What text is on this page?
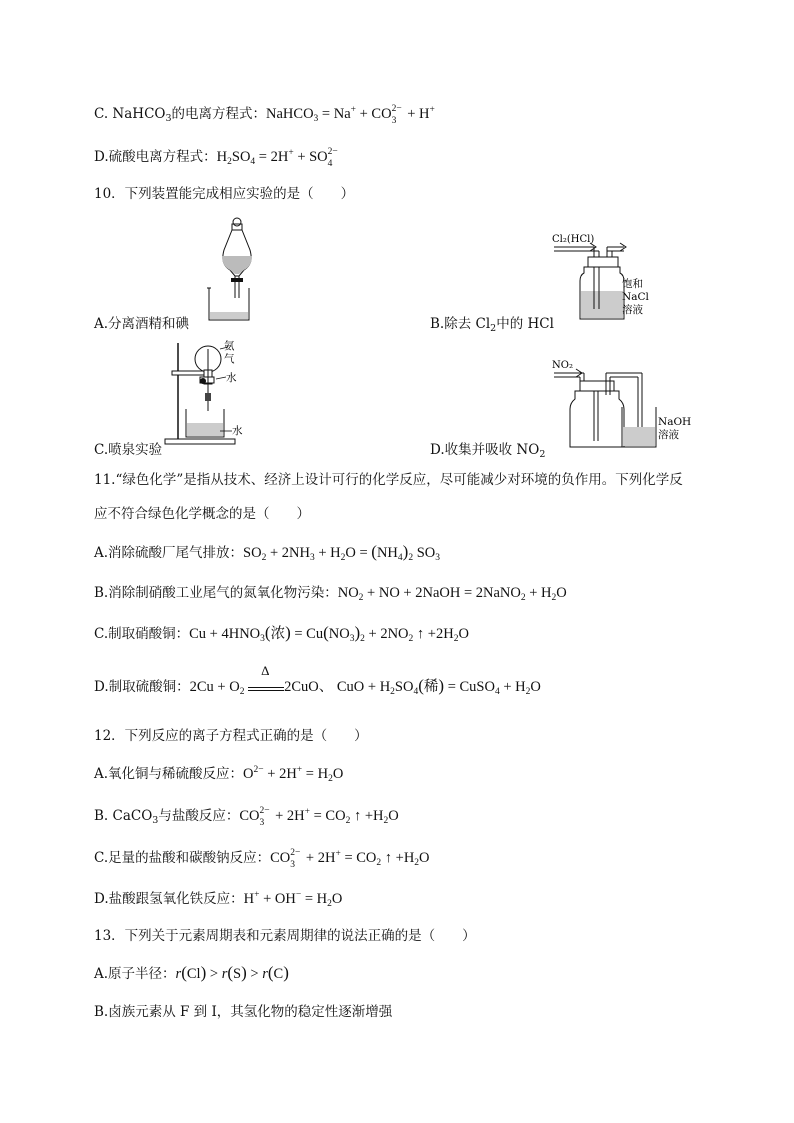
C. NaHCO$_3$的电离方程式：NaHCO$_3$ = Na+ + CO 2−
3 + H+
D.硫酸电离方程式：$H_2SO_4 = 2H^+$ + SO 2−
4
10．下列装置能完成相应实验的是（　　）
Cl₂(HCl)
饱和
NaCl
溶液
A.分离酒精和碘	B.除去 $Cl_2$中的 HCl
氨
气
水
水
NO₂
NaOH
溶液
C.喷泉实验	D.收集并吸收 $NO_2$
11.“绿色化学”是指从技术、经济上设计可行的化学反应，尽可能减少对环境的负作用。下列化学反
应不符合绿色化学概念的是（　　）
A.消除硫酸厂尾气排放：$SO_2 + 2NH_3 + H_2O = (NH_4)_2$ $SO_3$
B.消除制硝酸工业尾气的氮氧化物污染：$NO_2$ + NO + 2NaOH = 2NaNO$_2$ + $H_2O$
C.制取硝酸铜：$Cu + 4HNO_3$(浓) = $Cu(NO_3)_2 + 2NO_2$ ↑ $+2H_2O$
D.制取硫酸铜：$2Cu + O_2$
Δ
2CuO、 CuO + $H_2SO_4$(稀) = CuSO$_4$ + $H_2O$
12．下列反应的离子方程式正确的是（　　）
A.氧化铜与稀硫酸反应：$O^{2-} + 2H^+ = H_2O$
B. CaCO$_3$与盐酸反应：CO 2−
$3 + 2H^+ = CO_2$ ↑ $+H_2O$
C.足量的盐酸和碳酸钠反应：CO 2−
$3 + 2H^+ = CO_2$ ↑ $+H_2O$
D.盐酸跟氢氧化铁反应：$H^+ + OH^- = H_2O$
13．下列关于元素周期表和元素周期律的说法正确的是（　　）
A.原子半径：r(Cl) > r(S) > r(C)
B.卤族元素从 F 到 I，其氢化物的稳定性逐渐增强
